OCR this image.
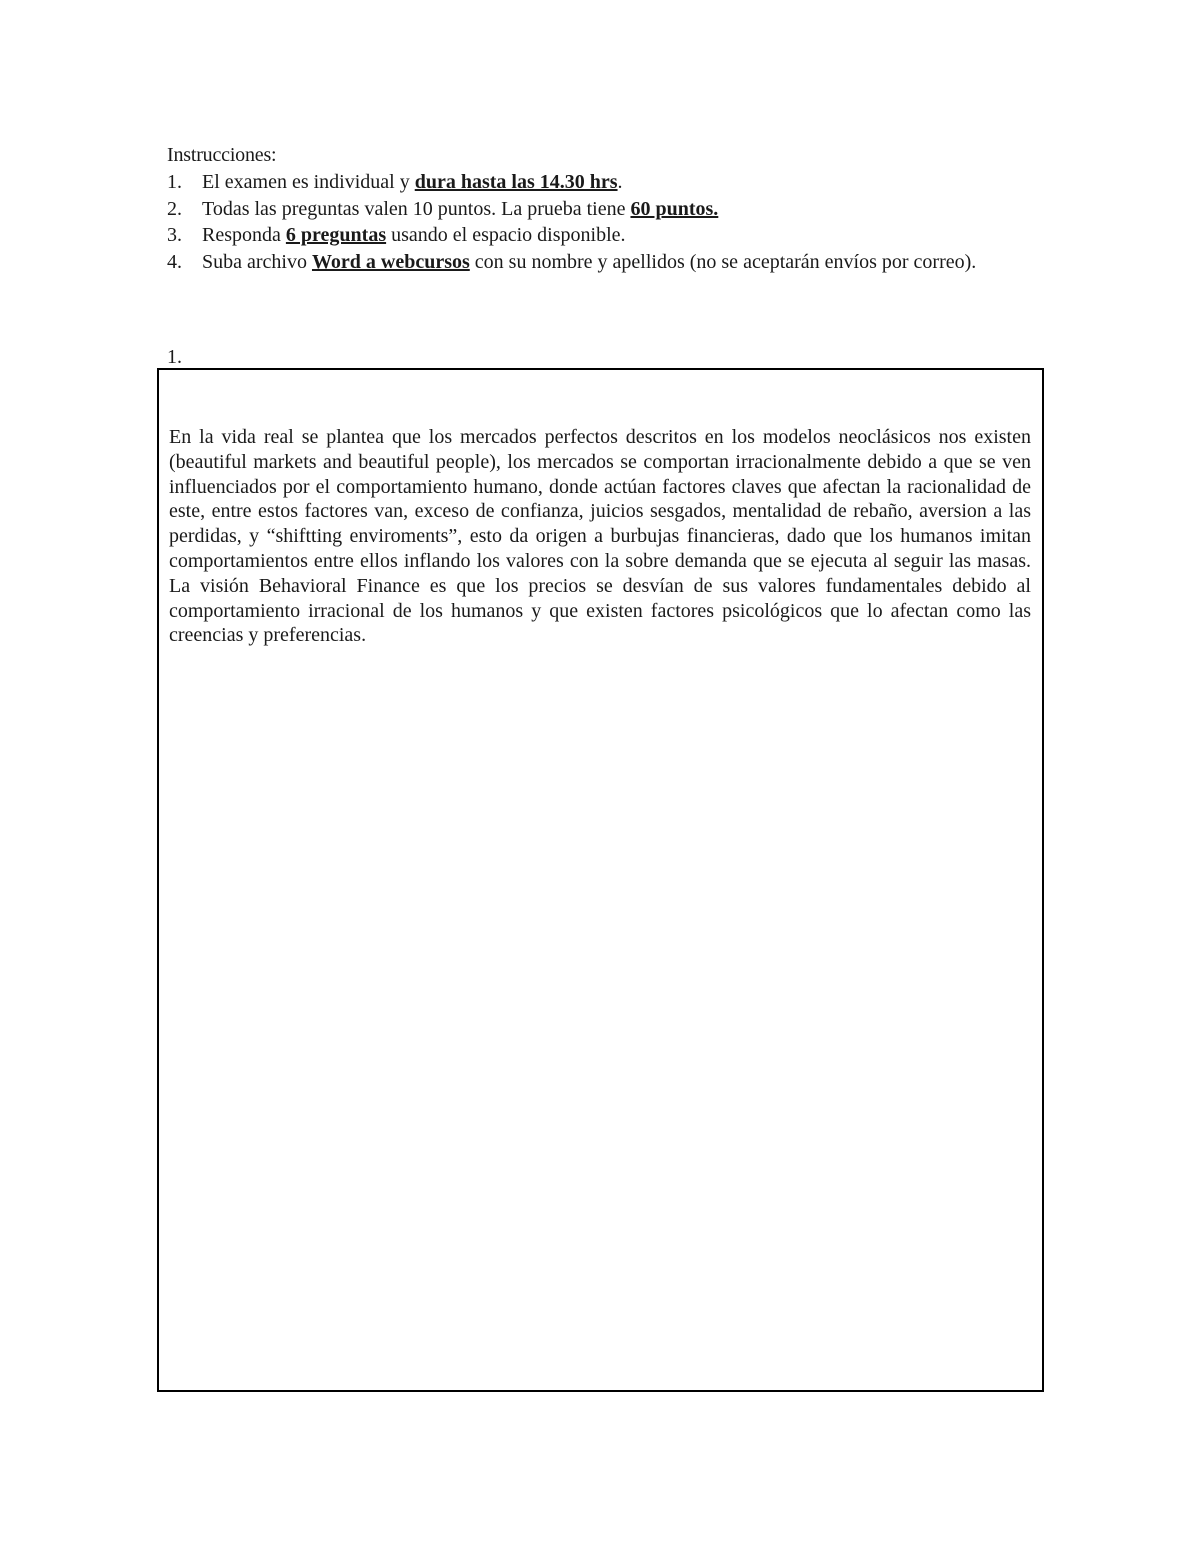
Instrucciones:
1. El examen es individual y dura hasta las 14.30 hrs.
2. Todas las preguntas valen 10 puntos. La prueba tiene 60 puntos.
3. Responda 6 preguntas usando el espacio disponible.
4. Suba archivo Word a webcursos con su nombre y apellidos (no se aceptarán envíos por correo).
1.

En la vida real se plantea que los mercados perfectos descritos en los modelos neoclásicos nos existen (beautiful markets and beautiful people), los mercados se comportan irracionalmente debido a que se ven influenciados por el comportamiento humano, donde actúan factores claves que afectan la racionalidad de este, entre estos factores van, exceso de confianza, juicios sesgados, mentalidad de rebaño, aversion a las perdidas, y “shiftting enviroments”, esto da origen a burbujas financieras, dado que los humanos imitan comportamientos entre ellos inflando los valores con la sobre demanda que se ejecuta al seguir las masas. La visión Behavioral Finance es que los precios se desvían de sus valores fundamentales debido al comportamiento irracional de los humanos y que existen factores psicológicos que lo afectan como las creencias y preferencias.
